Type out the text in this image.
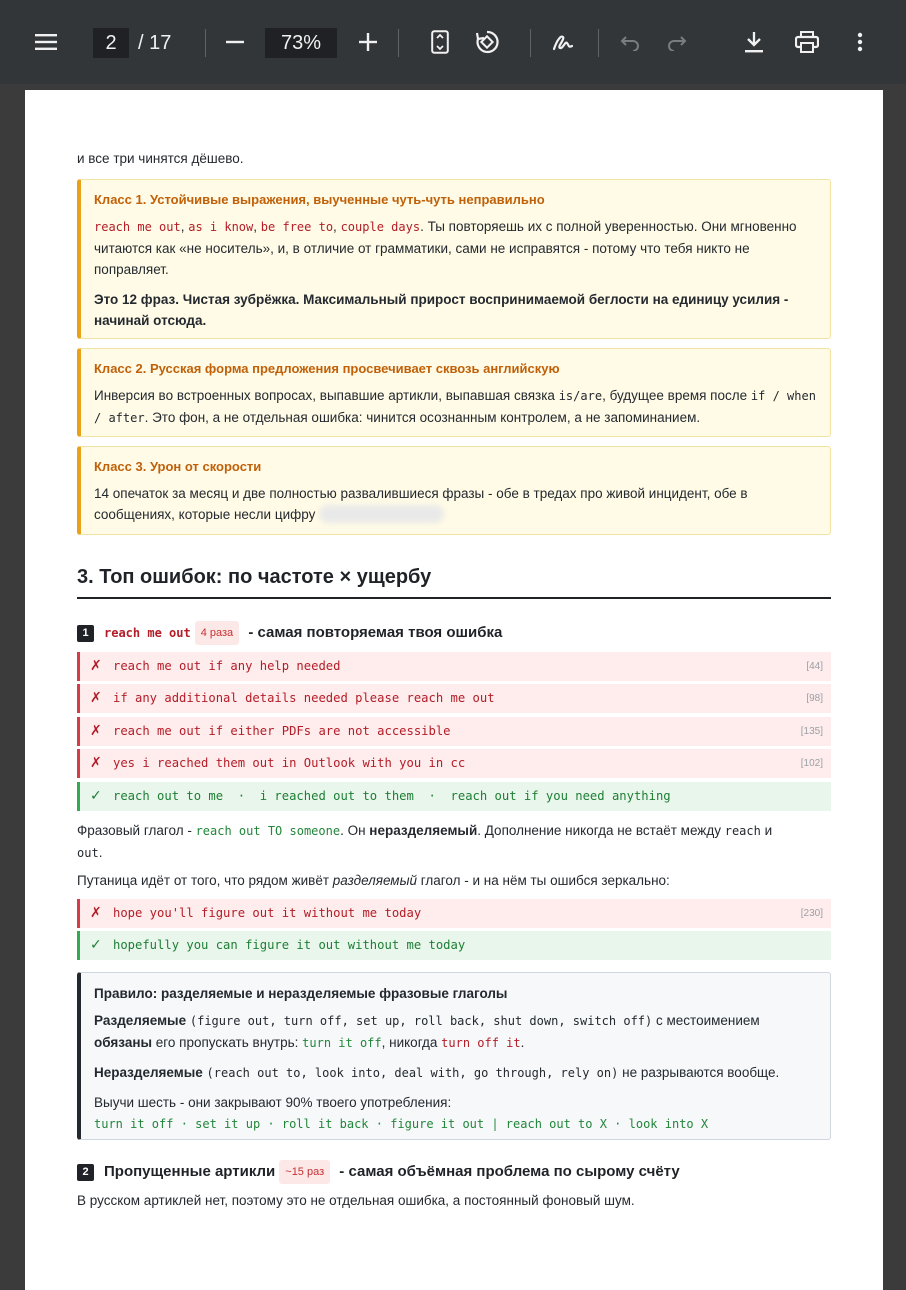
2	/ 17	73%
и все три чинятся дёшево.
Класс 1. Устойчивые выражения, выученные чуть-чуть неправильно
reach me out, as i know, be free to, couple days. Ты повторяешь их с полной уверенностью. Они мгновенно читаются как «не носитель», и, в отличие от грамматики, сами не исправятся - потому что тебя никто не поправляет.
Это 12 фраз. Чистая зубрёжка. Максимальный прирост воспринимаемой беглости на единицу усилия - начинай отсюда.
Класс 2. Русская форма предложения просвечивает сквозь английскую
Инверсия во встроенных вопросах, выпавшие артикли, выпавшая связка is/are, будущее время после if / when / after. Это фон, а не отдельная ошибка: чинится осознанным контролем, а не запоминанием.
Класс 3. Урон от скорости
14 опечаток за месяц и две полностью развалившиеся фразы - обе в тредах про живой инцидент, обе в сообщениях, которые несли цифру
3. Топ ошибок: по частоте × ущербу
1 reach me out 4 раза - самая повторяемая твоя ошибка
✗ reach me out if any help needed	[44]
✗ if any additional details needed please reach me out	[98]
✗ reach me out if either PDFs are not accessible	[135]
✗ yes i reached them out in Outlook with you in cc	[102]
✓ reach out to me  ·  i reached out to them  ·  reach out if you need anything
Фразовый глагол - reach out TO someone. Он неразделяемый. Дополнение никогда не встаёт между reach и
out.
Путаница идёт от того, что рядом живёт разделяемый глагол - и на нём ты ошибся зеркально:
✗ hope you'll figure out it without me today	[230]
✓ hopefully you can figure it out without me today
Правило: разделяемые и неразделяемые фразовые глаголы
Разделяемые (figure out, turn off, set up, roll back, shut down, switch off) с местоимением
обязаны его пропускать внутрь: turn it off, никогда turn off it.
Неразделяемые (reach out to, look into, deal with, go through, rely on) не разрываются вообще.
Выучи шесть - они закрывают 90% твоего употребления:
turn it off · set it up · roll it back · figure it out | reach out to X · look into X
2 Пропущенные артикли ~15 раз - самая объёмная проблема по сырому счёту
В русском артиклей нет, поэтому это не отдельная ошибка, а постоянный фоновый шум.
